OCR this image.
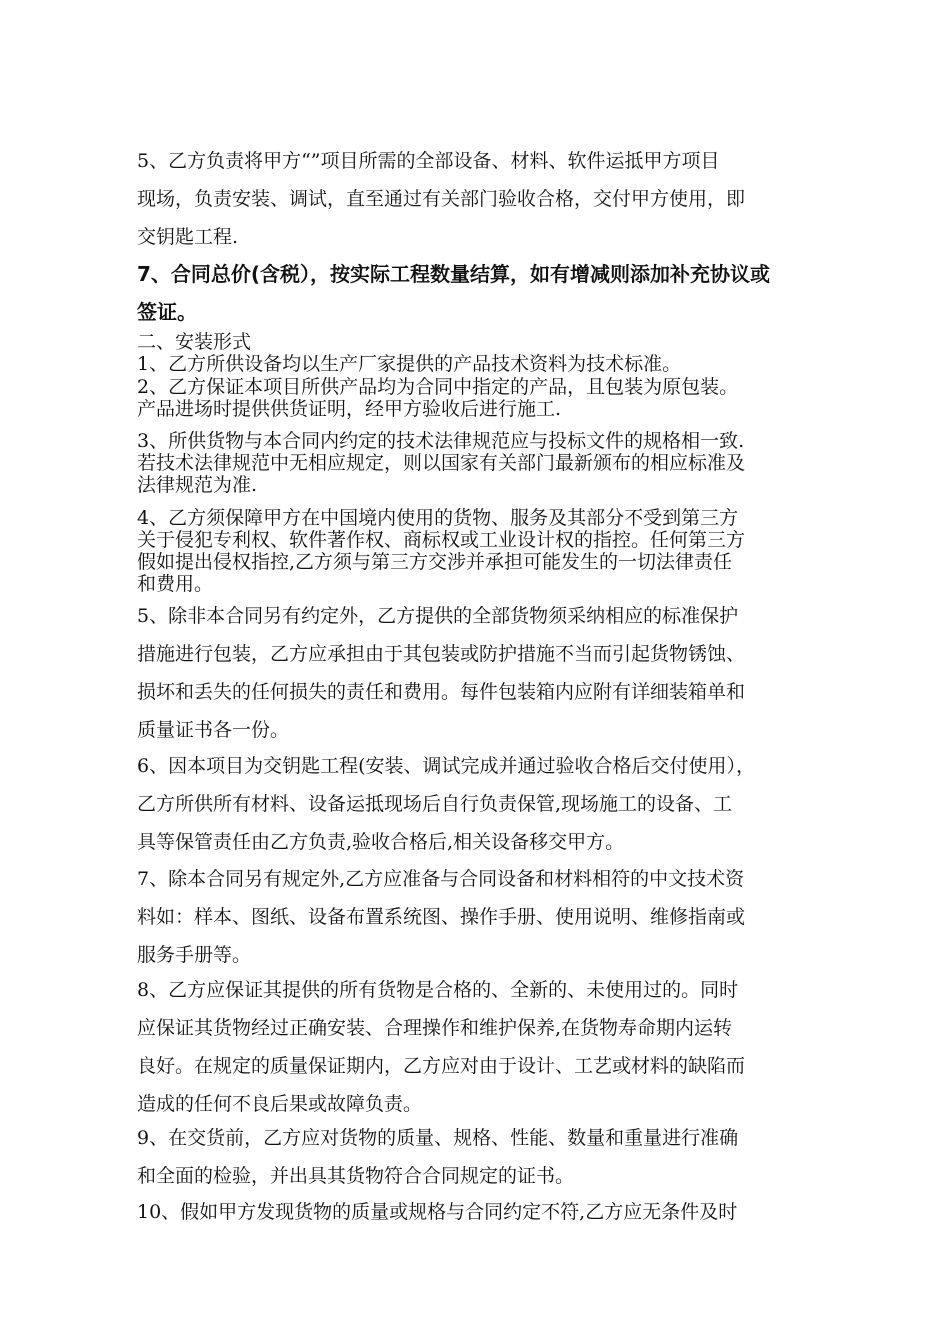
5、乙方负责将甲方“”项目所需的全部设备、材料、软件运抵甲方项目
现场，负责安装、调试，直至通过有关部门验收合格，交付甲方使用，即
交钥匙工程.
7、合同总价(含税），按实际工程数量结算，如有增减则添加补充协议或
签证。
二、安装形式
1、乙方所供设备均以生产厂家提供的产品技术资料为技术标准。
2、乙方保证本项目所供产品均为合同中指定的产品，且包装为原包装。
产品进场时提供供货证明，经甲方验收后进行施工.
3、所供货物与本合同内约定的技术法律规范应与投标文件的规格相一致.
若技术法律规范中无相应规定，则以国家有关部门最新颁布的相应标准及
法律规范为准.
4、乙方须保障甲方在中国境内使用的货物、服务及其部分不受到第三方
关于侵犯专利权、软件著作权、商标权或工业设计权的指控。任何第三方
假如提出侵权指控,乙方须与第三方交涉并承担可能发生的一切法律责任
和费用。
5、除非本合同另有约定外，乙方提供的全部货物须采纳相应的标准保护
措施进行包装，乙方应承担由于其包装或防护措施不当而引起货物锈蚀、
损坏和丢失的任何损失的责任和费用。每件包装箱内应附有详细装箱单和
质量证书各一份。
6、因本项目为交钥匙工程(安装、调试完成并通过验收合格后交付使用），
乙方所供所有材料、设备运抵现场后自行负责保管,现场施工的设备、工
具等保管责任由乙方负责,验收合格后,相关设备移交甲方。
7、除本合同另有规定外,乙方应准备与合同设备和材料相符的中文技术资
料如：样本、图纸、设备布置系统图、操作手册、使用说明、维修指南或
服务手册等。
8、乙方应保证其提供的所有货物是合格的、全新的、未使用过的。同时
应保证其货物经过正确安装、合理操作和维护保养,在货物寿命期内运转
良好。在规定的质量保证期内，乙方应对由于设计、工艺或材料的缺陷而
造成的任何不良后果或故障负责。
9、在交货前，乙方应对货物的质量、规格、性能、数量和重量进行准确
和全面的检验，并出具其货物符合合同规定的证书。
10、假如甲方发现货物的质量或规格与合同约定不符,乙方应无条件及时
